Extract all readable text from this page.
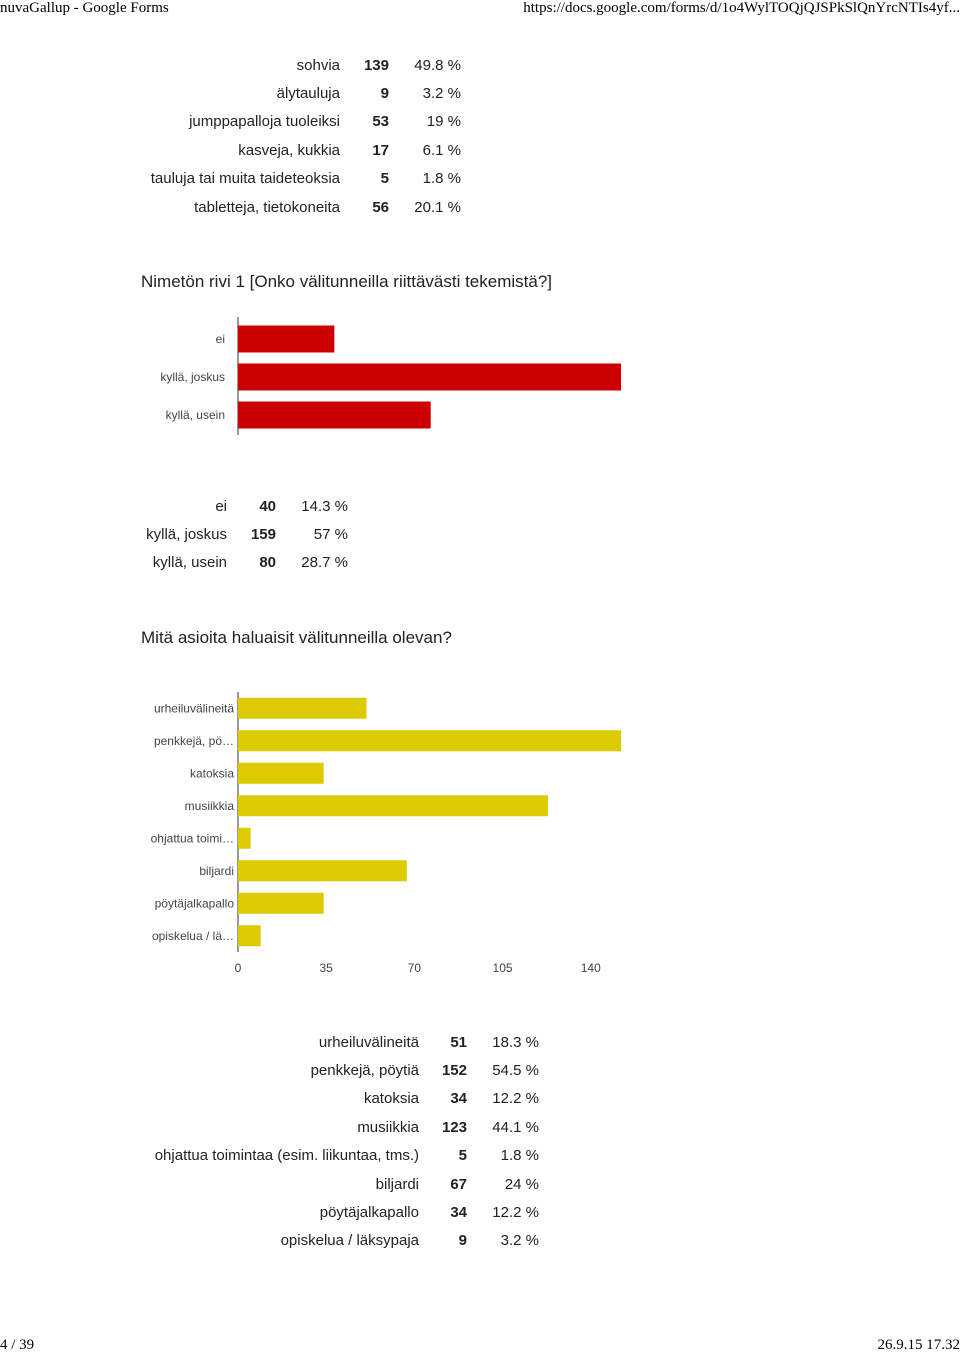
nuvaGallup - Google Forms	https://docs.google.com/forms/d/1o4WylTOQjQJSPkSlQnYrcNTIs4yf...
sohvia	139	49.8 %
älytauluja	9	3.2 %
jumppapalloja tuoleiksi	53	19 %
kasveja, kukkia	17	6.1 %
tauluja tai muita taideteoksia	5	1.8 %
tabletteja, tietokoneita	56	20.1 %
Nimetön rivi 1 [Onko välitunneilla riittävästi tekemistä?]
ei
kyllä, joskus
kyllä, usein
ei	40	14.3 %
kyllä, joskus	159	57 %
kyllä, usein	80	28.7 %
Mitä asioita haluaisit välitunneilla olevan?
urheiluvälineitä
penkkejä, pö…
katoksia
musiikkia
ohjattua toimi…
biljardi
pöytäjalkapallo
opiskelua / lä…
0	35	70	105	140
urheiluvälineitä	51	18.3 %
penkkejä, pöytiä	152	54.5 %
katoksia	34	12.2 %
musiikkia	123	44.1 %
ohjattua toimintaa (esim. liikuntaa, tms.)	5	1.8 %
biljardi	67	24 %
pöytäjalkapallo	34	12.2 %
opiskelua / läksypaja	9	3.2 %
4 / 39	26.9.15 17.32
